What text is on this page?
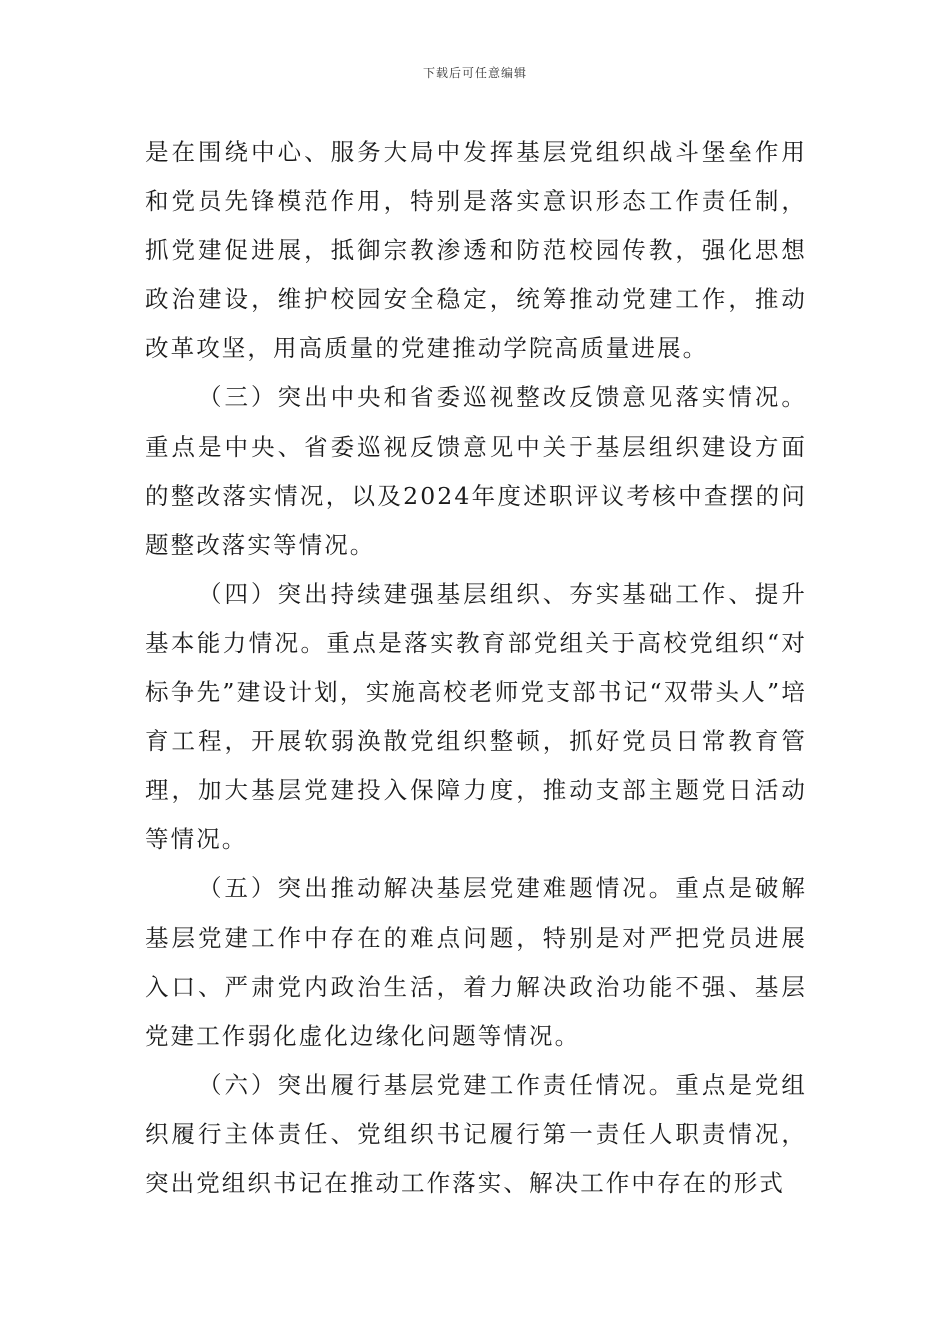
下载后可任意编辑

是在围绕中心、服务大局中发挥基层党组织战斗堡垒作用和党员先锋模范作用，特别是落实意识形态工作责任制，抓党建促进展，抵御宗教渗透和防范校园传教，强化思想政治建设，维护校园安全稳定，统筹推动党建工作，推动改革攻坚，用高质量的党建推动学院高质量进展。

（三）突出中央和省委巡视整改反馈意见落实情况。重点是中央、省委巡视反馈意见中关于基层组织建设方面的整改落实情况，以及2024年度述职评议考核中查摆的问题整改落实等情况。

（四）突出持续建强基层组织、夯实基础工作、提升基本能力情况。重点是落实教育部党组关于高校党组织“对标争先”建设计划，实施高校老师党支部书记“双带头人”培育工程，开展软弱涣散党组织整顿，抓好党员日常教育管理，加大基层党建投入保障力度，推动支部主题党日活动等情况。

（五）突出推动解决基层党建难题情况。重点是破解基层党建工作中存在的难点问题，特别是对严把党员进展入口、严肃党内政治生活，着力解决政治功能不强、基层党建工作弱化虚化边缘化问题等情况。

（六）突出履行基层党建工作责任情况。重点是党组织履行主体责任、党组织书记履行第一责任人职责情况，突出党组织书记在推动工作落实、解决工作中存在的形式
